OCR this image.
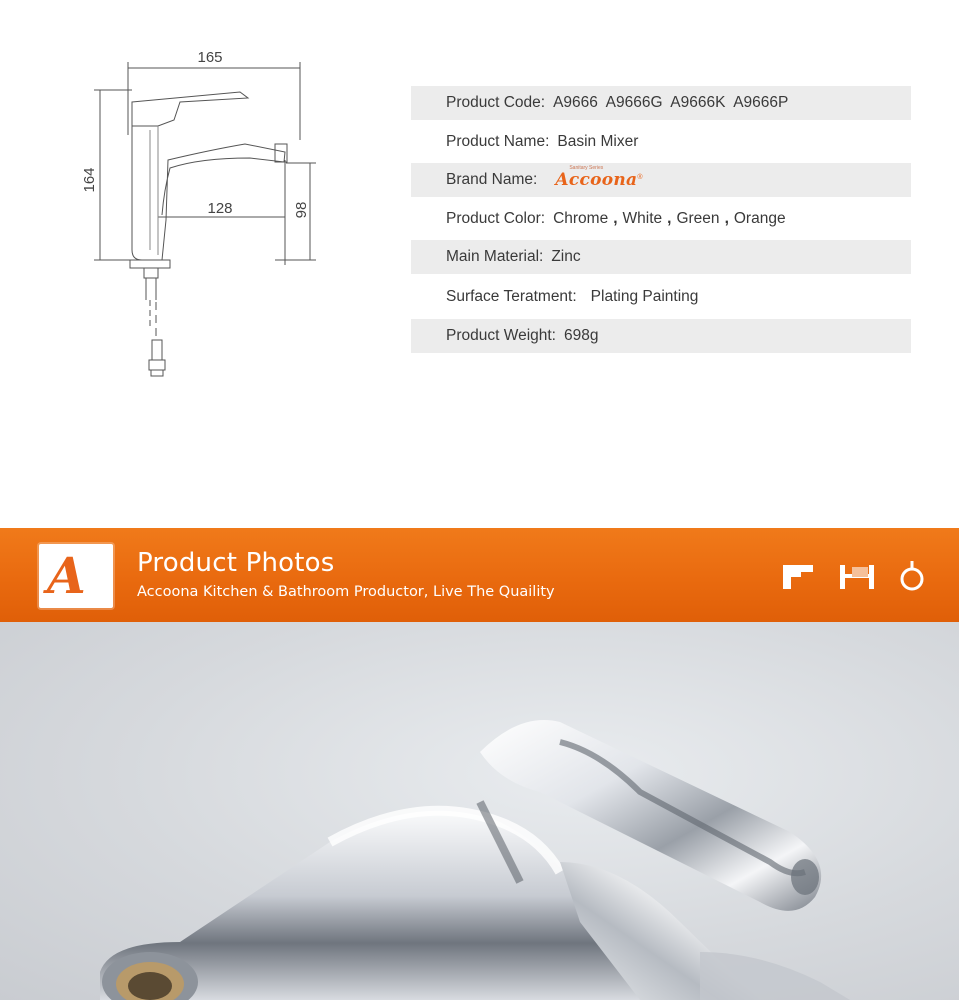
165
164
128	98
Product Code: A9666  A9666G  A9666K  A9666P
Product Name: Basin Mixer
Brand Name:
Sanitary Series
Accoona®
Product Color: Chrome , White , Green , Orange
Main Material: Zinc
Surface Teratment: Plating Painting
Product Weight: 698g
A Product Photos
Accoona Kitchen & Bathroom Productor, Live The Quaility
